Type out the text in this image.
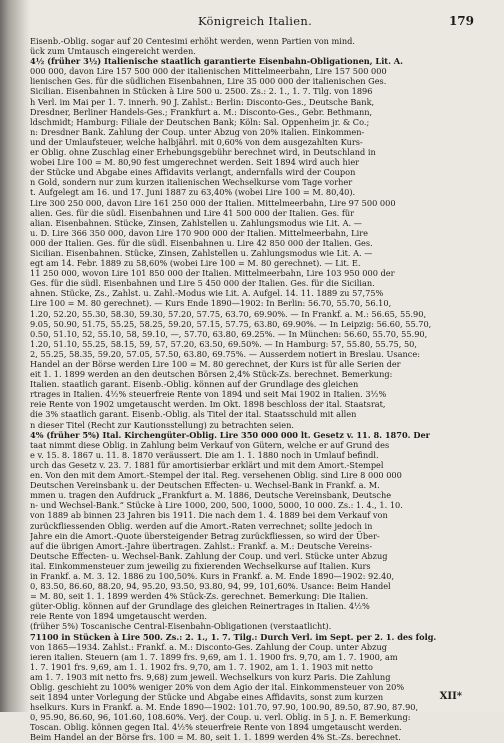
Königreich Italien.	179
Eisenb.-Oblig. sogar auf 20 Centesimi erhöht werden, wenn Partien von mind.
ück zum Umtausch eingereicht werden.
4½ (früher 3½) Italienische staatlich garantierte Eisenbahn-Obligationen, Lit. A.
000 000, davon Lire 157 500 000 der italienischen Mittelmeerbahn, Lire 157 500 000
lienischen Ges. für die südlichen Eisenbahnen, Lire 35 000 000 der italienischen Ges.
Sicilian. Eisenbahnen in Stücken à Lire 500 u. 2500. Zs.: 2. 1., 1. 7. Tilg. von 1896
h Verl. im Mai per 1. 7. innerh. 90 J. Zahlst.: Berlin: Disconto-Ges., Deutsche Bank,
Dresdner, Berliner Handels-Ges.; Frankfurt a. M.: Disconto-Ges., Gebr. Bethmann,
ldschmidt; Hamburg: Filiale der Deutschen Bank; Köln: Sal. Oppenheim jr. & Co.;
n: Dresdner Bank. Zahlung der Coup. unter Abzug von 20% italien. Einkommen-
und der Umlaufsteuer, welche halbjährl. mit 0,60% von dem ausgezahlten Kurs-
er Oblig. ohne Zuschlag einer Erhebungsgebühr berechnet wird, in Deutschland in
wobei Lire 100 = M. 80,90 fest umgerechnet werden. Seit 1894 wird auch hier
der Stücke und Abgabe eines Affidavits verlangt, andernfalls wird der Coupon
n Gold, sondern nur zum kurzen italienischen Wechselkurse vom Tage vorher
t. Aufgelegt am 16. und 17. Juni 1887 zu 63,40% (wobei Lire 100 = M. 80,40).
Lire 300 250 000, davon Lire 161 250 000 der Italien. Mittelmeerbahn, Lire 97 500 000
alien. Ges. für die südl. Eisenbahnen und Lire 41 500 000 der Italien. Ges. für
alian. Eisenbahnen. Stücke, Zinsen, Zahlstellen u. Zahlungsmodus wie Lit. A. —
u. D. Lire 366 350 000, davon Lire 170 900 000 der Italien. Mittelmeerbahn, Lire
000 der Italien. Ges. für die südl. Eisenbahnen u. Lire 42 850 000 der Italien. Ges.
Sicilian. Eisenbahnen. Stücke, Zinsen, Zahlstellen u. Zahlungsmodus wie Lit. A. —
egt am 14. Febr. 1889 zu 58,60% (wobei Lire 100 = M. 80 gerechnet). — Lit. E.
11 250 000, wovon Lire 101 850 000 der Italien. Mittelmeerbahn, Lire 103 950 000 der
Ges. für die südl. Eisenbahnen und Lire 5 450 000 der Italien. Ges. für die Sicilian.
ahnen. Stücke, Zs., Zahlst. u. Zahl.-Modus wie Lit. A. Aufgel. 14. 11. 1889 zu 57,75%
Lire 100 = M. 80 gerechnet). — Kurs Ende 1890—1902: In Berlin: 56.70, 55.70, 56.10,
1.20, 52.20, 55.30, 58.30, 59.30, 57.20, 57.75, 63.70, 69.90%. — In Frankf. a. M.: 56.65, 55.90,
9.05, 50.90, 51.75, 55.25, 58.25, 59.20, 57.15, 57.75, 63.80, 69.90%. — In Leipzig: 56.60, 55.70,
0.50, 51.10, 52, 55.10, 58, 59.10, —, 57.70, 63.80, 69.25%. — In München: 56.60, 55.70, 55.90,
1.20, 51.10, 55.25, 58.15, 59, 57, 57.20, 63.50, 69.50%. — In Hamburg: 57, 55.80, 55.75, 50,
2, 55.25, 58.35, 59.20, 57.05, 57.50, 63.80, 69.75%. — Ausserdem notiert in Breslau. Usance:
Handel an der Börse werden Lire 100 = M. 80 gerechnet, der Kurs ist für alle Serien der
eit 1. 1. 1899 werden an den deutschen Börsen 2,4% Stück-Zs. berechnet. Bemerkung:
Italien. staatlich garant. Eisenb.-Oblig. können auf der Grundlage des gleichen
rtrages in Italien. 4½% steuerfreie Rente von 1894 und seit Mai 1902 in Italien. 3½%
reie Rente von 1902 umgetauscht werden. Im Okt. 1898 beschloss der ital. Staatsrat,
die 3% staatlich garant. Eisenb.-Oblig. als Titel der ital. Staatsschuld mit allen
n dieser Titel (Recht zur Kautionsstellung) zu betrachten seien.
4% (früher 5%) Ital. Kirchengüter-Oblig. Lire 350 000 000 lt. Gesetz v. 11. 8. 1870. Der
taat nimmt diese Oblig. in Zahlung beim Verkauf von Gütern, welche er auf Grund des
e v. 15. 8. 1867 u. 11. 8. 1870 veräussert. Die am 1. 1. 1880 noch in Umlauf befindl.
urch das Gesetz v. 23. 7. 1881 für amortisierbar erklärt und mit dem Amort.-Stempel
en. Von den mit dem Amort.-Stempel der ital. Reg. versehenen Oblig. sind Lire 8 000 000
Deutschen Vereinsbank u. der Deutschen Effecten- u. Wechsel-Bank in Frankf. a. M.
mmen u. tragen den Aufdruck „Frankfurt a. M. 1886, Deutsche Vereinsbank, Deutsche
n- und Wechsel-Bank.“ Stücke à Lire 1000, 200, 500, 1000, 5000, 10 000. Zs.: 1. 4., 1. 10.
von 1889 ab binnen 23 Jahren bis 1911. Die nach dem 1. 4. 1889 bei dem Verkauf von
zurückfliessenden Oblig. werden auf die Amort.-Raten verrechnet; sollte jedoch in
Jahre ein die Amort.-Quote übersteigender Betrag zurückfliessen, so wird der Über-
auf die übrigen Amort.-Jahre übertragen. Zahlst.: Frankf. a. M.: Deutsche Vereins-
Deutsche Effecten- u. Wechsel-Bank. Zahlung der Coup. und verl. Stücke unter Abzug
ital. Einkommensteuer zum jeweilig zu fixierenden Wechselkurse auf Italien. Kurs
in Frankf. a. M. 3. 12. 1886 zu 100,50%. Kurs in Frankf. a. M. Ende 1890—1902: 92.40,
0, 83.50, 86.60, 88.20, 94, 95.20, 93.50, 93.80, 94, 99, 101,60%. Usance: Beim Handel
= M. 80, seit 1. 1. 1899 werden 4% Stück-Zs. gerechnet. Bemerkung: Die Italien.
güter-Oblig. können auf der Grundlage des gleichen Reinertrages in Italien. 4½%
reie Rente von 1894 umgetauscht werden.
(früher 5%) Toscanische Central-Eisenbahn-Obligationen (verstaatlicht).
71100 in Stücken à Lire 500. Zs.: 2. 1., 1. 7. Tilg.: Durch Verl. im Sept. per 2. 1. des folg.
von 1865—1934. Zahlst.: Frankf. a. M.: Disconto-Ges. Zahlung der Coup. unter Abzug
ieren italien. Steuern (am 1. 7. 1899 frs. 9,69, am 1. 1. 1900 frs. 9,70, am 1. 7. 1900, am
1. 7. 1901 frs. 9,69, am 1. 1. 1902 frs. 9,70, am 1. 7. 1902, am 1. 1. 1903 mit netto
am 1. 7. 1903 mit netto frs. 9,68) zum jeweil. Wechselkurs von kurz Paris. Die Zahlung
Oblig. geschieht zu 100% weniger 20% von dem Agio der ital. Einkommensteuer von 20%
seit 1894 unter Vorlegung der Stücke und Abgabe eines Affidavits, sonst zum kurzen
hselkurs. Kurs in Frankf. a. M. Ende 1890—1902: 101.70, 97.90, 100.90, 89.50, 87.90, 87.90,
0, 95.90, 86.60, 96, 101.60, 108.60%. Verj. der Coup. u. verl. Oblig. in 5 J. n. F. Bemerkung:
Toscan. Oblig. können gegen Ital. 4½% steuerfreie Rente von 1894 umgetauscht werden.
Beim Handel an der Börse frs. 100 = M. 80, seit 1. 1. 1899 werden 4% St.-Zs. berechnet.
XII*
